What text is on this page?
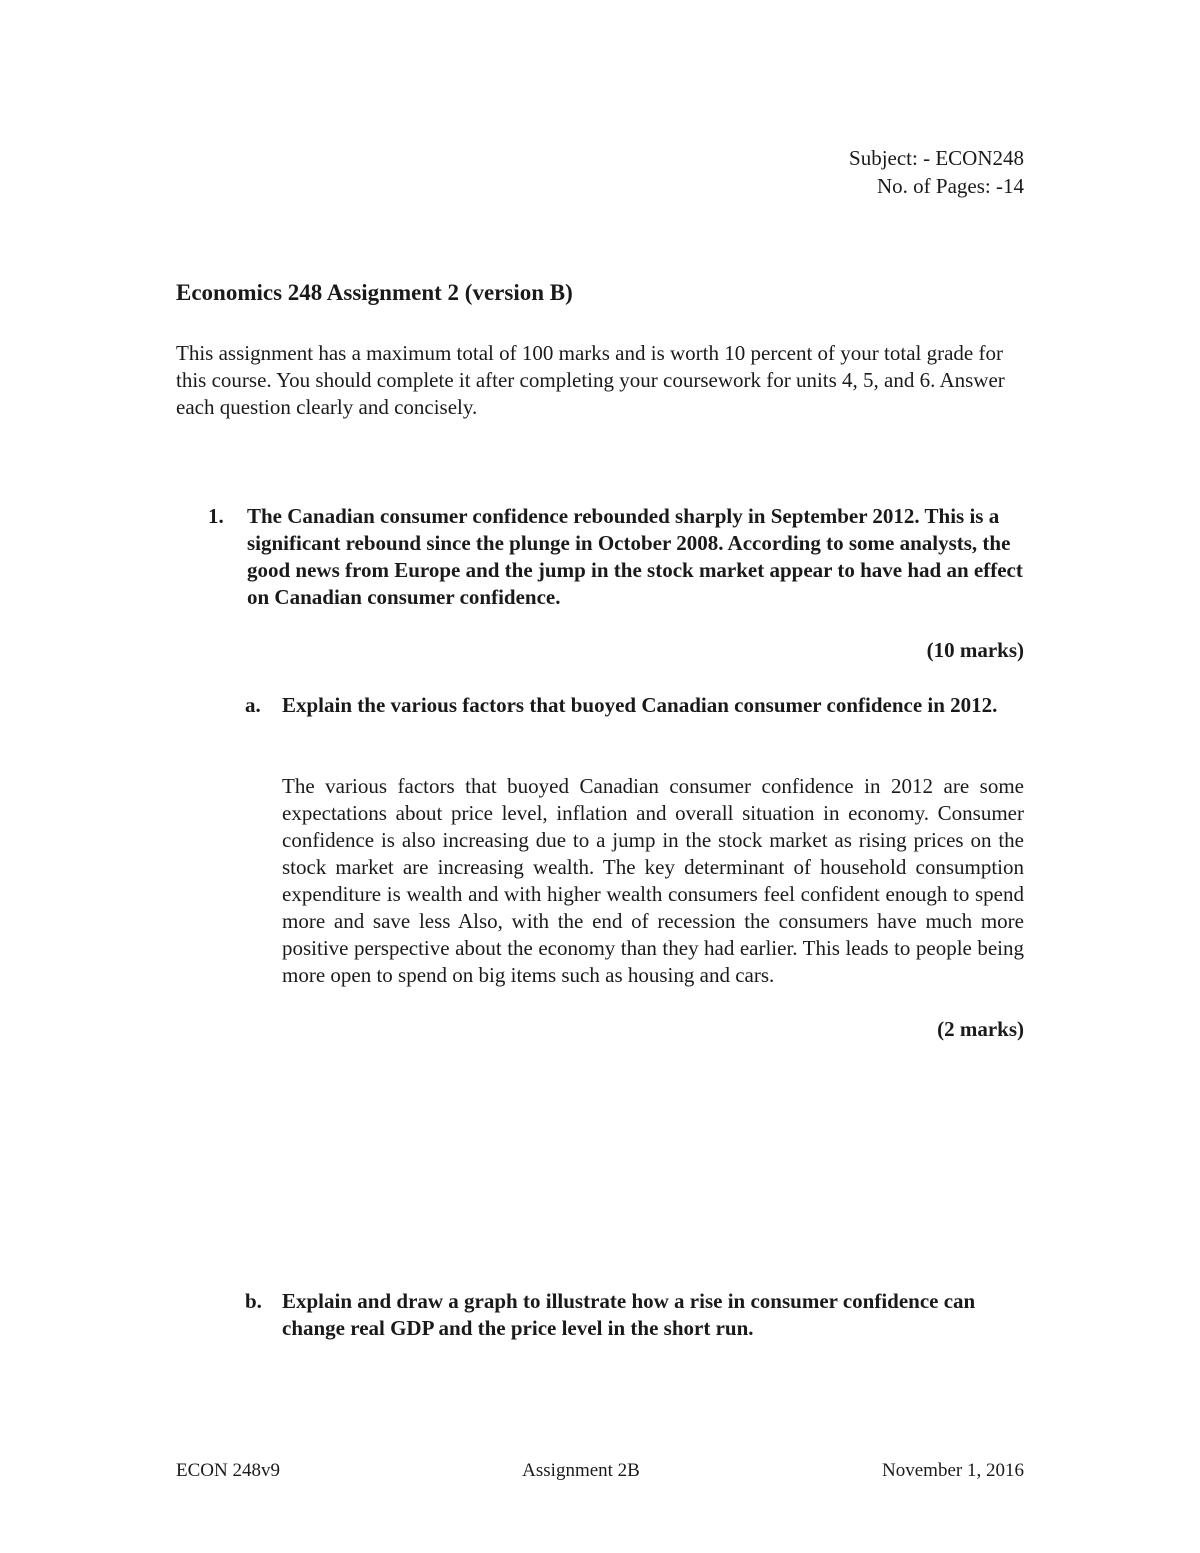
Subject: - ECON248
No. of Pages: -14
Economics 248 Assignment 2 (version B)

This assignment has a maximum total of 100 marks and is worth 10 percent of your total grade for this course. You should complete it after completing your coursework for units 4, 5, and 6. Answer each question clearly and concisely.

1. The Canadian consumer confidence rebounded sharply in September 2012. This is a significant rebound since the plunge in October 2008. According to some analysts, the good news from Europe and the jump in the stock market appear to have had an effect on Canadian consumer confidence.
(10 marks)
a. Explain the various factors that buoyed Canadian consumer confidence in 2012.

The various factors that buoyed Canadian consumer confidence in 2012 are some expectations about price level, inflation and overall situation in economy. Consumer confidence is also increasing due to a jump in the stock market as rising prices on the stock market are increasing wealth. The key determinant of household consumption expenditure is wealth and with higher wealth consumers feel confident enough to spend more and save less Also, with the end of recession the consumers have much more positive perspective about the economy than they had earlier. This leads to people being more open to spend on big items such as housing and cars.

(2 marks)
b. Explain and draw a graph to illustrate how a rise in consumer confidence can change real GDP and the price level in the short run.
ECON 248v9	Assignment 2B	November 1, 2016
